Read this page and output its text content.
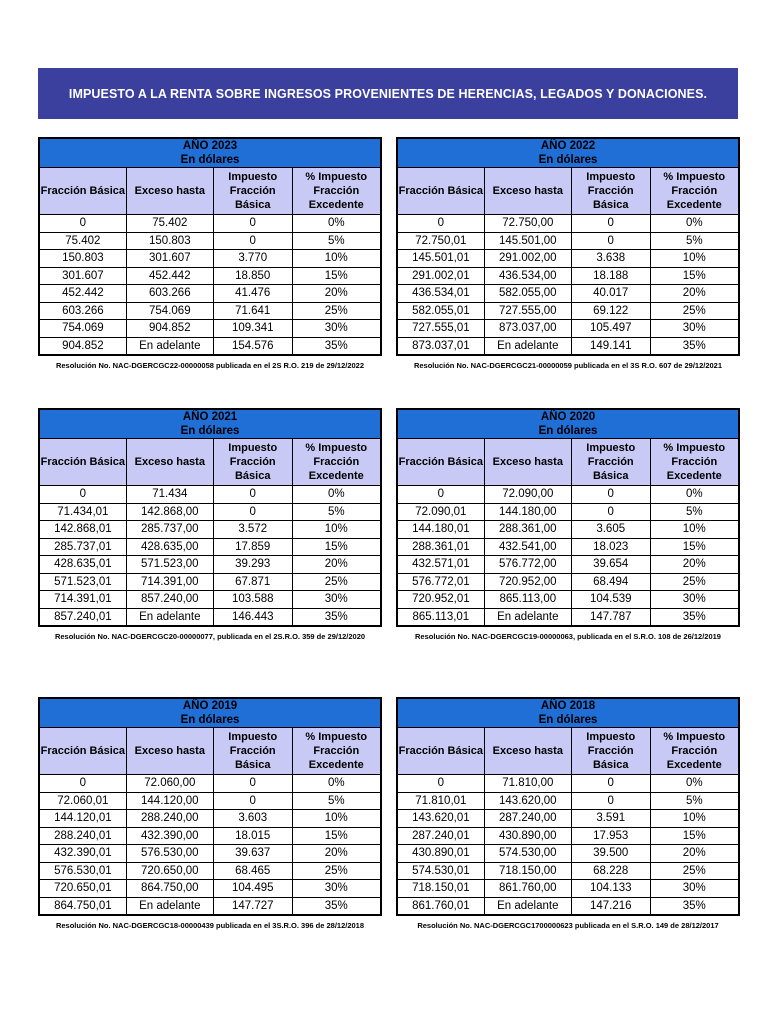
IMPUESTO A LA RENTA SOBRE INGRESOS PROVENIENTES DE HERENCIAS, LEGADOS Y DONACIONES.
AÑO 2023
En dólares			

Fracción Básica	Exceso hasta	Impuesto Fracción Básica	% Impuesto Fracción Excedente
0	75.402	0	0%
75.402	150.803	0	5%
150.803	301.607	3.770	10%
301.607	452.442	18.850	15%
452.442	603.266	41.476	20%
603.266	754.069	71.641	25%
754.069	904.852	109.341	30%
904.852	En adelante	154.576	35%
Resolución No. NAC-DGERCGC22-00000058 publicada en el 2S R.O. 219 de 29/12/2022
AÑO 2022
En dólares			

Fracción Básica	Exceso hasta	Impuesto Fracción Básica	% Impuesto Fracción Excedente
0	72.750,00	0	0%
72.750,01	145.501,00	0	5%
145.501,01	291.002,00	3.638	10%
291.002,01	436.534,00	18.188	15%
436.534,01	582.055,00	40.017	20%
582.055,01	727.555,00	69.122	25%
727.555,01	873.037,00	105.497	30%
873.037,01	En adelante	149.141	35%
Resolución No. NAC-DGERCGC21-00000059 publicada en el 3S R.O. 607 de 29/12/2021
AÑO 2021
En dólares			

Fracción Básica	Exceso hasta	Impuesto Fracción Básica	% Impuesto Fracción Excedente
0	71.434	0	0%
71.434,01	142.868,00	0	5%
142.868,01	285.737,00	3.572	10%
285.737,01	428.635,00	17.859	15%
428.635,01	571.523,00	39.293	20%
571.523,01	714.391,00	67.871	25%
714.391,01	857.240,00	103.588	30%
857.240,01	En adelante	146.443	35%
Resolución No. NAC-DGERCGC20-00000077, publicada en el 2S.R.O. 359 de 29/12/2020
AÑO 2020
En dólares			

Fracción Básica	Exceso hasta	Impuesto Fracción Básica	% Impuesto Fracción Excedente
0	72.090,00	0	0%
72.090,01	144.180,00	0	5%
144.180,01	288.361,00	3.605	10%
288.361,01	432.541,00	18.023	15%
432.571,01	576.772,00	39.654	20%
576.772,01	720.952,00	68.494	25%
720.952,01	865.113,00	104.539	30%
865.113,01	En adelante	147.787	35%
Resolución No. NAC-DGERCGC19-00000063, publicada en el S.R.O. 108 de 26/12/2019
AÑO 2019
En dólares			

Fracción Básica	Exceso hasta	Impuesto Fracción Básica	% Impuesto Fracción Excedente
0	72.060,00	0	0%
72.060,01	144.120,00	0	5%
144.120,01	288.240,00	3.603	10%
288.240,01	432.390,00	18.015	15%
432.390,01	576.530,00	39.637	20%
576.530,01	720.650,00	68.465	25%
720.650,01	864.750,00	104.495	30%
864.750,01	En adelante	147.727	35%
Resolución No. NAC-DGERCGC18-00000439 publicada en el 3S.R.O. 396 de 28/12/2018
AÑO 2018
En dólares			

Fracción Básica	Exceso hasta	Impuesto Fracción Básica	% Impuesto Fracción Excedente
0	71.810,00	0	0%
71.810,01	143.620,00	0	5%
143.620,01	287.240,00	3.591	10%
287.240,01	430.890,00	17.953	15%
430.890,01	574.530,00	39.500	20%
574.530,01	718.150,00	68.228	25%
718.150,01	861.760,00	104.133	30%
861.760,01	En adelante	147.216	35%
Resolución No. NAC-DGERCGC1700000623 publicada en el S.R.O. 149 de 28/12/2017
